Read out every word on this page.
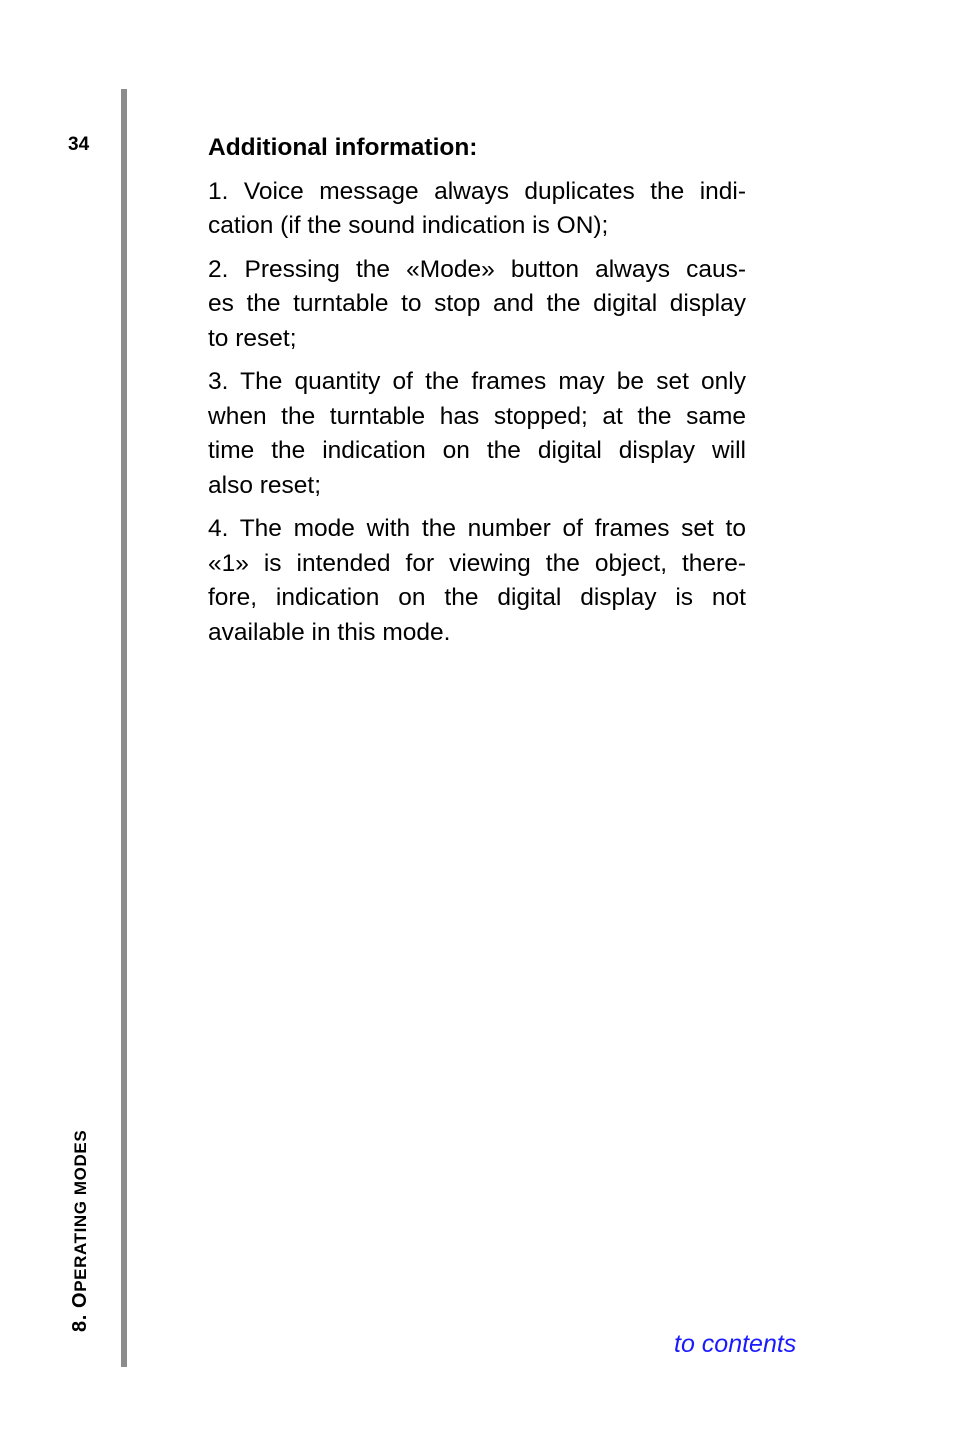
34
8. OPERATING MODES
Additional information:
1. Voice message always duplicates the indi-
cation (if the sound indication is ON);
2. Pressing the «Mode» button always caus-
es the turntable to stop and the digital display
to reset;
3. The quantity of the frames may be set only
when the turntable has stopped; at the same
time the indication on the digital display will
also reset;
4. The mode with the number of frames set to
«1» is intended for viewing the object, there-
fore, indication on the digital display is not
available in this mode.
to contents
